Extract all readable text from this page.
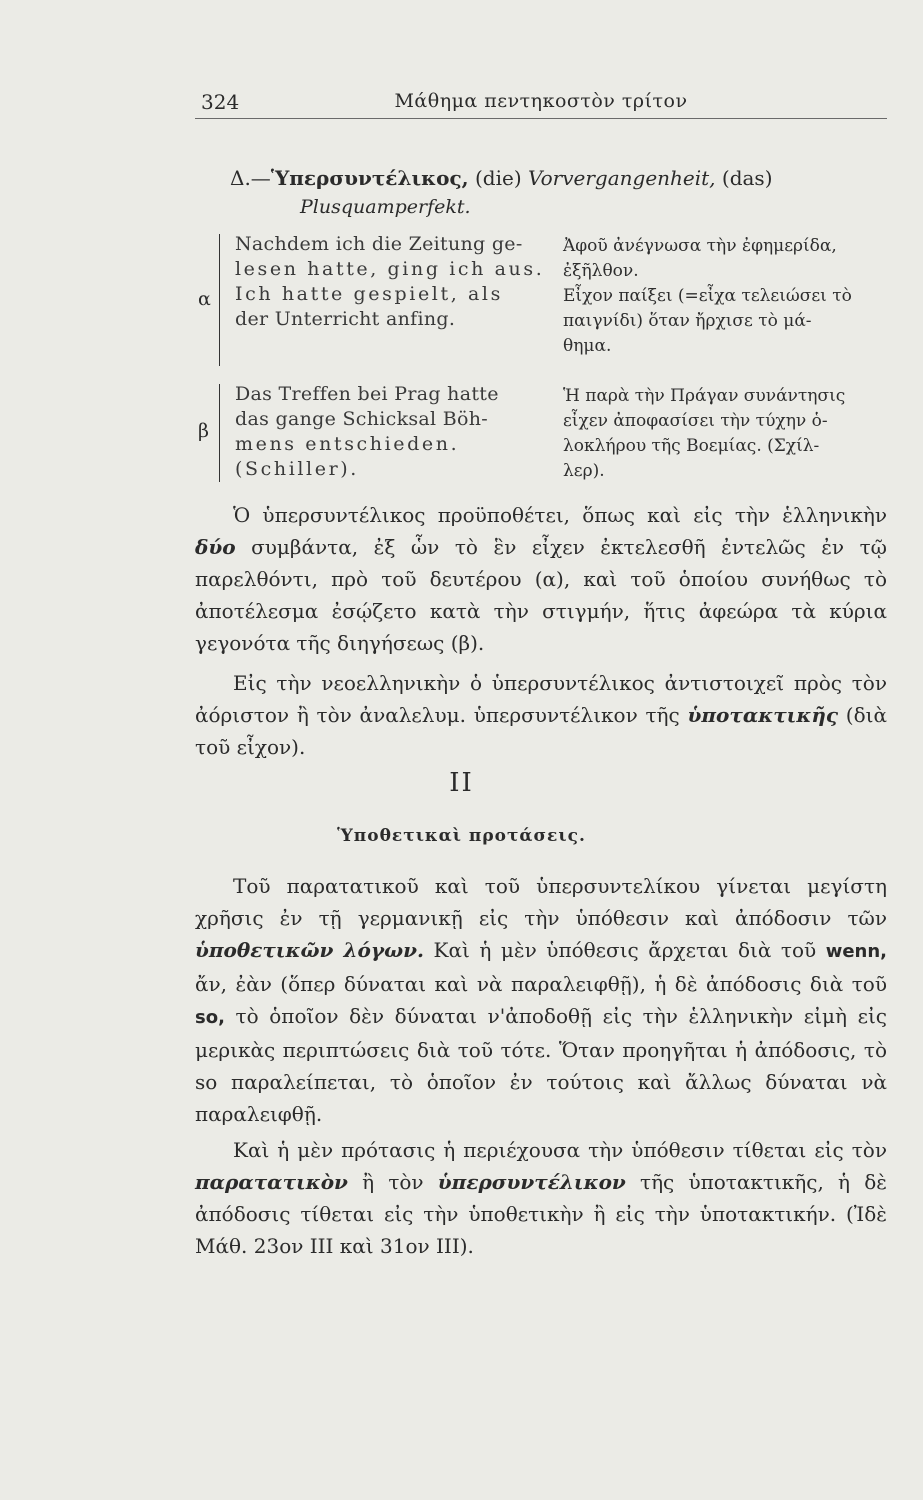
324	Μάθημα πεντηκοστὸν τρίτον
Δ.—Ὑπερσυντέλικος, (die) Vorvergangenheit, (das)
Plusquamperfekt.
α
Nachdem ich die Zeitung ge-
lesen hatte, ging ich aus.
Ich hatte gespielt, als
der Unterricht anfing.
Ἀφοῦ ἀνέγνωσα τὴν ἐφημερίδα,
ἐξῆλθον.
Εἶχον παίξει (=εἶχα τελειώσει τὸ
παιγνίδι) ὅταν ἤρχισε τὸ μά-
θημα.
β
Das Treffen bei Prag hatte
das gange Schicksal Böh-
mens entschieden.
(Schiller).
Ἡ παρὰ τὴν Πράγαν συνάντησις
εἶχεν ἀποφασίσει τὴν τύχην ὁ-
λοκλήρου τῆς Βοεμίας. (Σχίλ-
λερ).

Ὁ ὑπερσυντέλικος προϋποθέτει, ὅπως καὶ εἰς τὴν ἑλληνικὴν δύο συμβάντα, ἐξ ὧν τὸ ἓν εἶχεν ἐκτελεσθῆ ἐντελῶς ἐν τῷ παρελθόντι, πρὸ τοῦ δευτέρου (α), καὶ τοῦ ὁποίου συνήθως τὸ ἀποτέλεσμα ἐσῴζετο κατὰ τὴν στιγμήν, ἥτις ἀφεώρα τὰ κύρια γεγονότα τῆς διηγήσεως (β).

Εἰς τὴν νεοελληνικὴν ὁ ὑπερσυντέλικος ἀντιστοιχεῖ πρὸς τὸν ἀόριστον ἢ τὸν ἀναλελυμ. ὑπερσυντέλικον τῆς ὑποτακτικῆς (διὰ τοῦ εἶχον).

II
Ὑποθετικαὶ προτάσεις.

Τοῦ παρατατικοῦ καὶ τοῦ ὑπερσυντελίκου γίνεται μεγίστη χρῆσις ἐν τῇ γερμανικῇ εἰς τὴν ὑπόθεσιν καὶ ἀπόδοσιν τῶν ὑποθετικῶν λόγων. Καὶ ἡ μὲν ὑπόθεσις ἄρχεται διὰ τοῦ wenn, ἄν, ἐὰν (ὅπερ δύναται καὶ νὰ παραλειφθῇ), ἡ δὲ ἀπόδοσις διὰ τοῦ so, τὸ ὁποῖον δὲν δύναται ν'ἀποδοθῇ εἰς τὴν ἑλληνικὴν εἰμὴ εἰς μερικὰς περιπτώσεις διὰ τοῦ τότε. Ὅταν προηγῆται ἡ ἀπόδοσις, τὸ so παραλείπεται, τὸ ὁποῖον ἐν τούτοις καὶ ἄλλως δύναται νὰ παραλειφθῇ.

Καὶ ἡ μὲν πρότασις ἡ περιέχουσα τὴν ὑπόθεσιν τίθεται εἰς τὸν παρατατικὸν ἢ τὸν ὑπερσυντέλικον τῆς ὑποτακτικῆς, ἡ δὲ ἀπόδοσις τίθεται εἰς τὴν ὑποθετικὴν ἢ εἰς τὴν ὑποτακτικήν. (Ἰδὲ Μάθ. 23ον ΙΙΙ καὶ 31ον ΙΙΙ).
